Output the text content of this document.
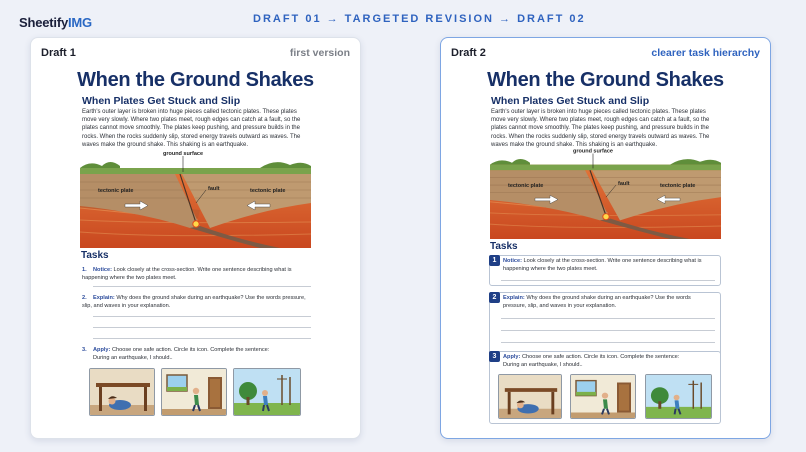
SheetifyIMG	DRAFT 01 → TARGETED REVISION → DRAFT 02
Draft 1	first version
When the Ground Shakes
When Plates Get Stuck and Slip
Earth's outer layer is broken into huge pieces called tectonic plates. These plates move very slowly. Where two plates meet, rough edges can catch at a fault, so the plates cannot move smoothly. The plates keep pushing, and pressure builds in the rocks. When the rocks suddenly slip, stored energy travels outward as waves. The waves make the ground shake. This shaking is an earthquake.
ground surface
fault
tectonic plate	tectonic plate
Tasks
1. Notice: Look closely at the cross-section. Write one sentence describing what is happening where the two plates meet.
2. Explain: Why does the ground shake during an earthquake? Use the words pressure, slip, and waves in your explanation.
3. Apply: Choose one safe action. Circle its icon. Complete the sentence:
During an earthquake, I should..
Draft 2	clearer task hierarchy
When the Ground Shakes
When Plates Get Stuck and Slip
Earth's outer layer is broken into huge pieces called tectonic plates. These plates move very slowly. Where two plates meet, rough edges can catch at a fault, so the plates cannot move smoothly. The plates keep pushing, and pressure builds in the rocks. When the rocks suddenly slip, stored energy travels outward as waves. The waves make the ground shake. This shaking is an earthquake.
ground surface
fault
tectonic plate	tectonic plate
Tasks
1	Notice: Look closely at the cross-section. Write one sentence describing what is happening where the two plates meet.
2	Explain: Why does the ground shake during an earthquake? Use the words pressure, slip, and waves in your explanation.
3	Apply: Choose one safe action. Circle its icon. Complete the sentence:
During an earthquake, I should..
